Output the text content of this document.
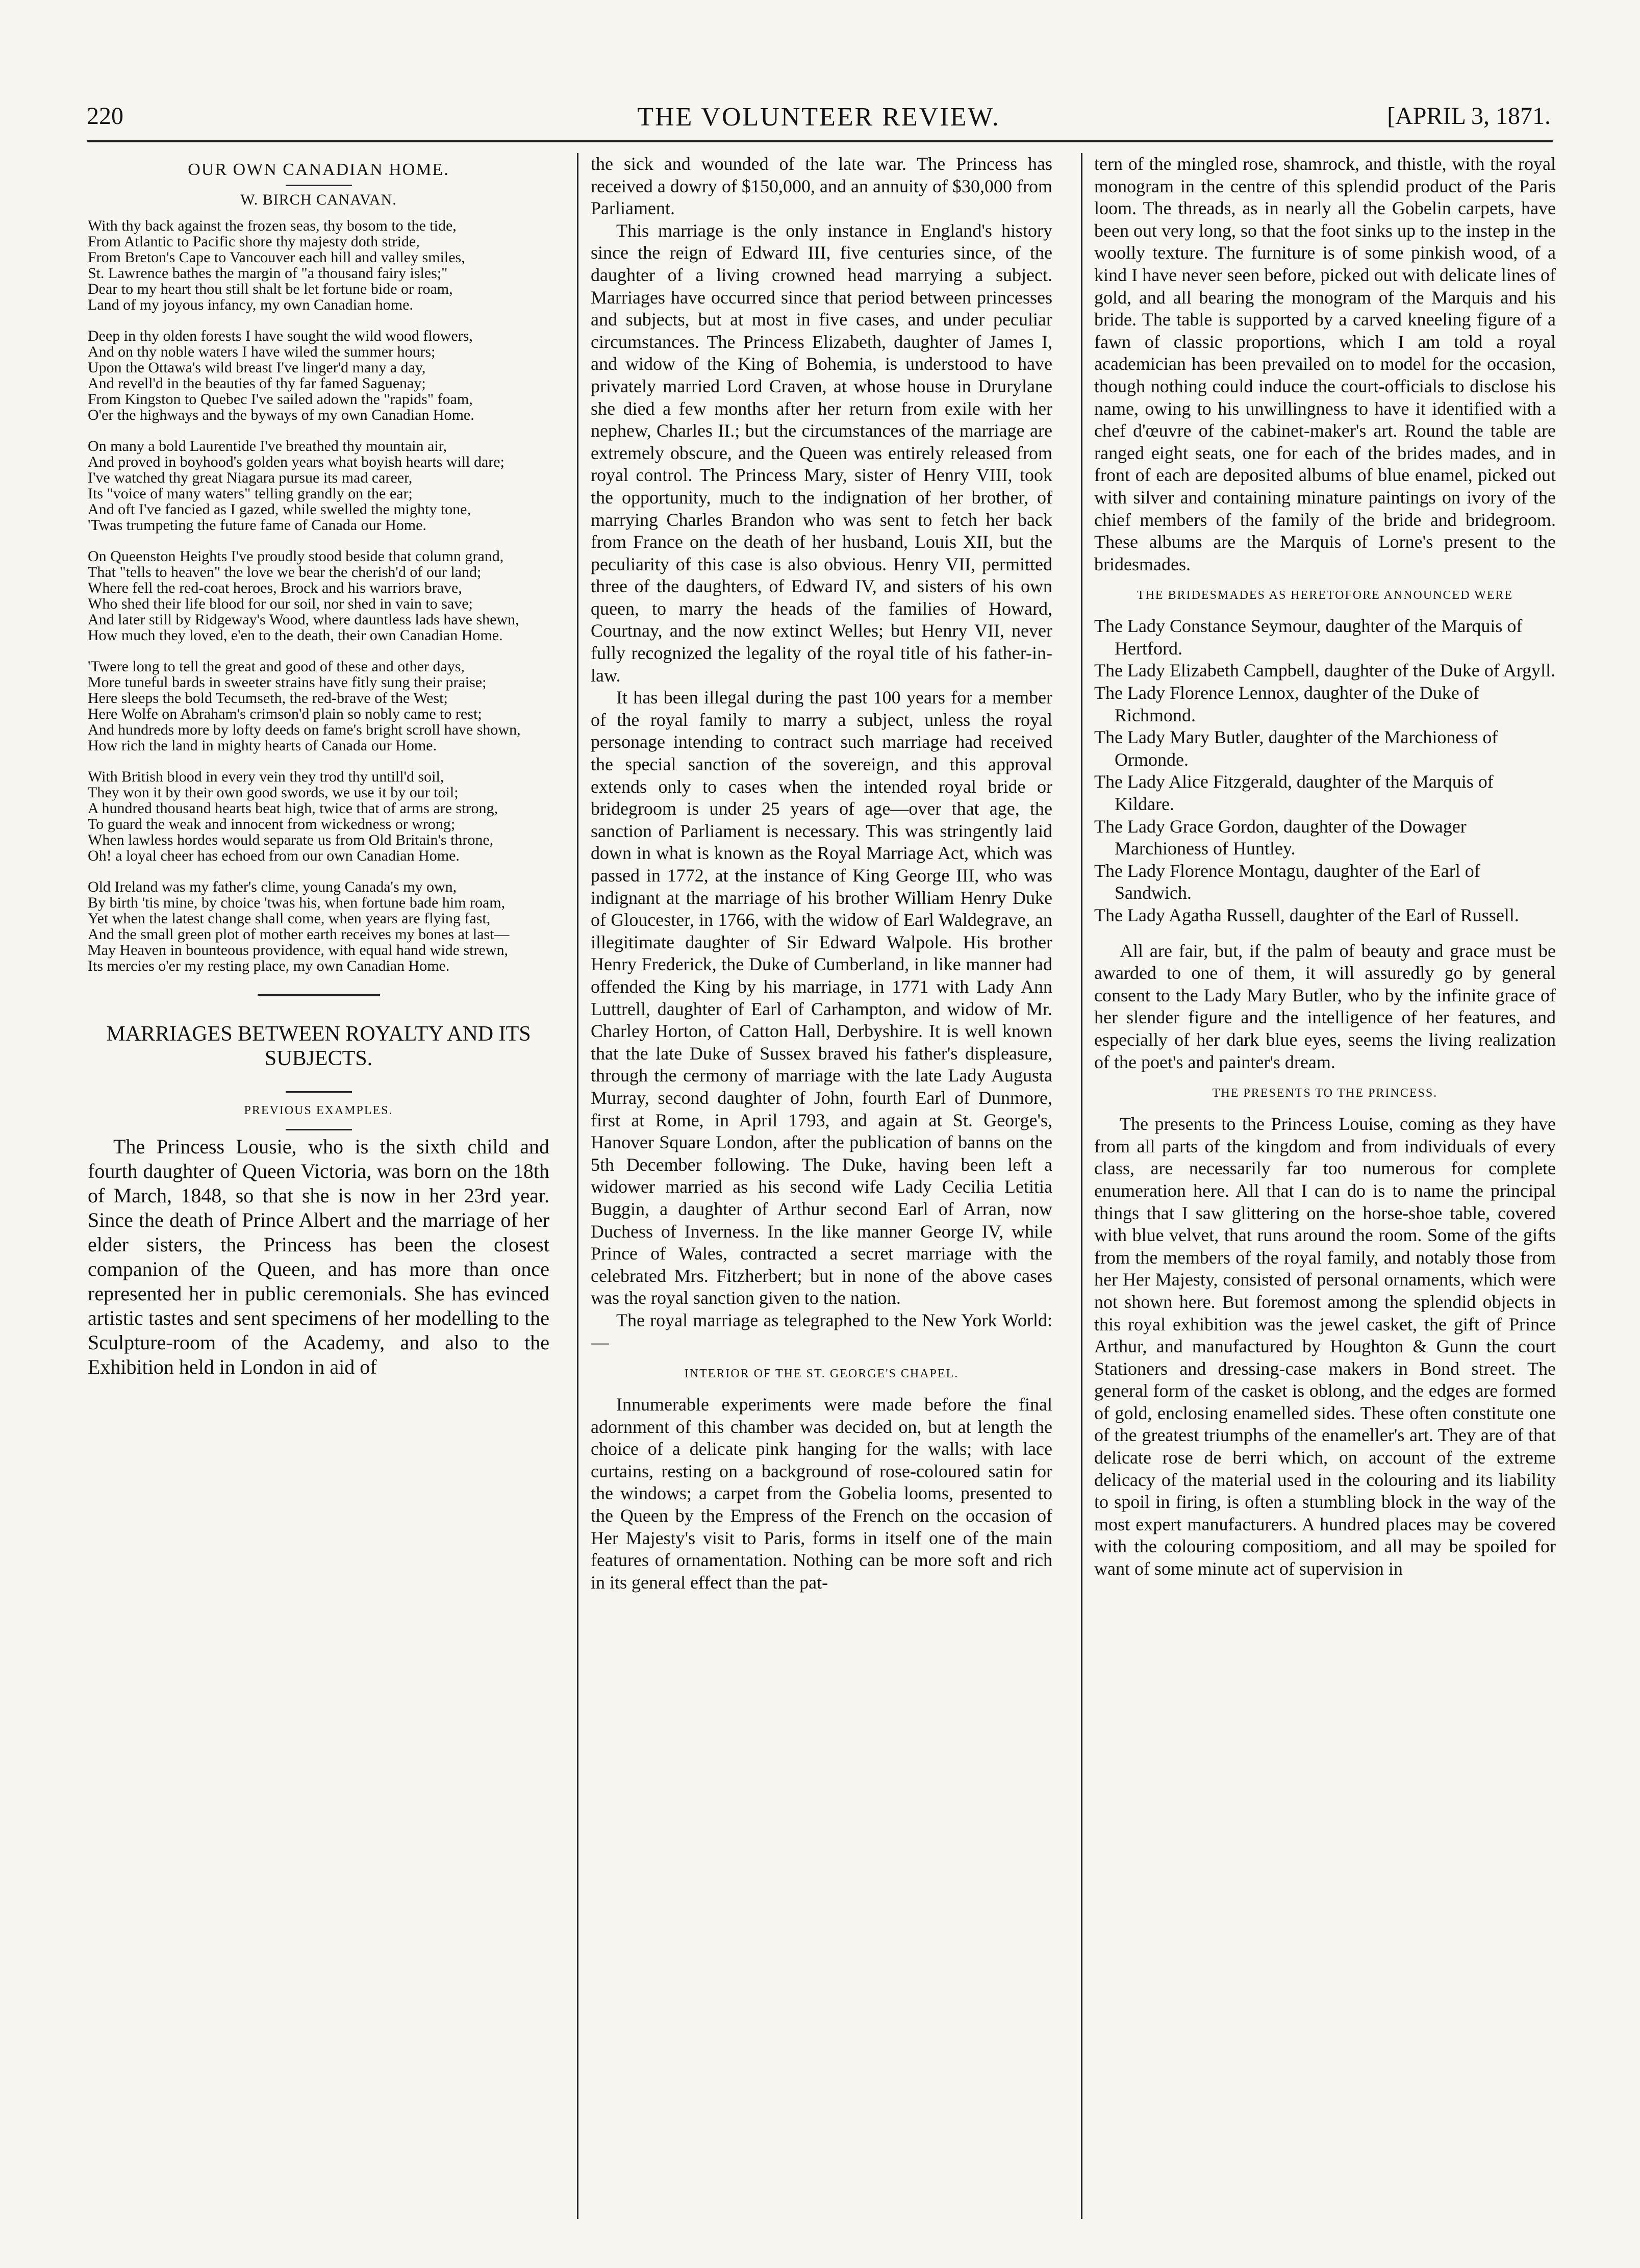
220	THE VOLUNTEER REVIEW.	[APRIL 3, 1871.
OUR OWN CANADIAN HOME.
W. BIRCH CANAVAN.

With thy back against the frozen seas, thy bosom to the tide,

From Atlantic to Pacific shore thy majesty doth stride,

From Breton's Cape to Vancouver each hill and valley smiles,

St. Lawrence bathes the margin of "a thousand fairy isles;"

Dear to my heart thou still shalt be let fortune bide or roam,

Land of my joyous infancy, my own Canadian home.

Deep in thy olden forests I have sought the wild wood flowers,

And on thy noble waters I have wiled the summer hours;

Upon the Ottawa's wild breast I've linger'd many a day,

And revell'd in the beauties of thy far famed Saguenay;

From Kingston to Quebec I've sailed adown the "rapids" foam,

O'er the highways and the byways of my own Canadian Home.

On many a bold Laurentide I've breathed thy mountain air,

And proved in boyhood's golden years what boyish hearts will dare;

I've watched thy great Niagara pursue its mad career,

Its "voice of many waters" telling grandly on the ear;

And oft I've fancied as I gazed, while swelled the mighty tone,

'Twas trumpeting the future fame of Canada our Home.

On Queenston Heights I've proudly stood beside that column grand,

That "tells to heaven" the love we bear the cherish'd of our land;

Where fell the red-coat heroes, Brock and his warriors brave,

Who shed their life blood for our soil, nor shed in vain to save;

And later still by Ridgeway's Wood, where dauntless lads have shewn,

How much they loved, e'en to the death, their own Canadian Home.

'Twere long to tell the great and good of these and other days,

More tuneful bards in sweeter strains have fitly sung their praise;

Here sleeps the bold Tecumseth, the red-brave of the West;

Here Wolfe on Abraham's crimson'd plain so nobly came to rest;

And hundreds more by lofty deeds on fame's bright scroll have shown,

How rich the land in mighty hearts of Canada our Home.

With British blood in every vein they trod thy untill'd soil,

They won it by their own good swords, we use it by our toil;

A hundred thousand hearts beat high, twice that of arms are strong,

To guard the weak and innocent from wickedness or wrong;

When lawless hordes would separate us from Old Britain's throne,

Oh! a loyal cheer has echoed from our own Canadian Home.

Old Ireland was my father's clime, young Canada's my own,

By birth 'tis mine, by choice 'twas his, when fortune bade him roam,

Yet when the latest change shall come, when years are flying fast,

And the small green plot of mother earth receives my bones at last—

May Heaven in bounteous providence, with equal hand wide strewn,

Its mercies o'er my resting place, my own Canadian Home.

MARRIAGES BETWEEN ROYALTY AND ITS SUBJECTS.
PREVIOUS EXAMPLES.

The Princess Lousie, who is the sixth child and fourth daughter of Queen Victoria, was born on the 18th of March, 1848, so that she is now in her 23rd year. Since the death of Prince Albert and the marriage of her elder sisters, the Princess has been the closest companion of the Queen, and has more than once represented her in public ceremonials. She has evinced artistic tastes and sent specimens of her modelling to the Sculpture-room of the Academy, and also to the Exhibition held in London in aid of

the sick and wounded of the late war. The Princess has received a dowry of $150,000, and an annuity of $30,000 from Parliament.

This marriage is the only instance in England's history since the reign of Edward III, five centuries since, of the daughter of a living crowned head marrying a subject. Marriages have occurred since that period between princesses and subjects, but at most in five cases, and under peculiar circumstances. The Princess Elizabeth, daughter of James I, and widow of the King of Bohemia, is understood to have privately married Lord Craven, at whose house in Drurylane she died a few months after her return from exile with her nephew, Charles II.; but the circumstances of the marriage are extremely obscure, and the Queen was entirely released from royal control. The Princess Mary, sister of Henry VIII, took the opportunity, much to the indignation of her brother, of marrying Charles Brandon who was sent to fetch her back from France on the death of her husband, Louis XII, but the peculiarity of this case is also obvious. Henry VII, permitted three of the daughters, of Edward IV, and sisters of his own queen, to marry the heads of the families of Howard, Courtnay, and the now extinct Welles; but Henry VII, never fully recognized the legality of the royal title of his father-in-law.

It has been illegal during the past 100 years for a member of the royal family to marry a subject, unless the royal personage intending to contract such marriage had received the special sanction of the sovereign, and this approval extends only to cases when the intended royal bride or bridegroom is under 25 years of age—over that age, the sanction of Parliament is necessary. This was stringently laid down in what is known as the Royal Marriage Act, which was passed in 1772, at the instance of King George III, who was indignant at the marriage of his brother William Henry Duke of Gloucester, in 1766, with the widow of Earl Waldegrave, an illegitimate daughter of Sir Edward Walpole. His brother Henry Frederick, the Duke of Cumberland, in like manner had offended the King by his marriage, in 1771 with Lady Ann Luttrell, daughter of Earl of Carhampton, and widow of Mr. Charley Horton, of Catton Hall, Derbyshire. It is well known that the late Duke of Sussex braved his father's displeasure, through the cermony of marriage with the late Lady Augusta Murray, second daughter of John, fourth Earl of Dunmore, first at Rome, in April 1793, and again at St. George's, Hanover Square London, after the publication of banns on the 5th December following. The Duke, having been left a widower married as his second wife Lady Cecilia Letitia Buggin, a daughter of Arthur second Earl of Arran, now Duchess of Inverness. In the like manner George IV, while Prince of Wales, contracted a secret marriage with the celebrated Mrs. Fitzherbert; but in none of the above cases was the royal sanction given to the nation.

The royal marriage as telegraphed to the New York World:—

INTERIOR OF THE ST. GEORGE'S CHAPEL.

Innumerable experiments were made before the final adornment of this chamber was decided on, but at length the choice of a delicate pink hanging for the walls; with lace curtains, resting on a background of rose-coloured satin for the windows; a carpet from the Gobelia looms, presented to the Queen by the Empress of the French on the occasion of Her Majesty's visit to Paris, forms in itself one of the main features of ornamentation. Nothing can be more soft and rich in its general effect than the pat-

tern of the mingled rose, shamrock, and thistle, with the royal monogram in the centre of this splendid product of the Paris loom. The threads, as in nearly all the Gobelin carpets, have been out very long, so that the foot sinks up to the instep in the woolly texture. The furniture is of some pinkish wood, of a kind I have never seen before, picked out with delicate lines of gold, and all bearing the monogram of the Marquis and his bride. The table is supported by a carved kneeling figure of a fawn of classic proportions, which I am told a royal academician has been prevailed on to model for the occasion, though nothing could induce the court-officials to disclose his name, owing to his unwillingness to have it identified with a chef d'œuvre of the cabinet-maker's art. Round the table are ranged eight seats, one for each of the brides mades, and in front of each are deposited albums of blue enamel, picked out with silver and containing minature paintings on ivory of the chief members of the family of the bride and bridegroom. These albums are the Marquis of Lorne's present to the bridesmades.

THE BRIDESMADES AS HERETOFORE ANNOUNCED WERE

The Lady Constance Seymour, daughter of the Marquis of Hertford.

The Lady Elizabeth Campbell, daughter of the Duke of Argyll.

The Lady Florence Lennox, daughter of the Duke of Richmond.

The Lady Mary Butler, daughter of the Marchioness of Ormonde.

The Lady Alice Fitzgerald, daughter of the Marquis of Kildare.

The Lady Grace Gordon, daughter of the Dowager Marchioness of Huntley.

The Lady Florence Montagu, daughter of the Earl of Sandwich.

The Lady Agatha Russell, daughter of the Earl of Russell.

All are fair, but, if the palm of beauty and grace must be awarded to one of them, it will assuredly go by general consent to the Lady Mary Butler, who by the infinite grace of her slender figure and the intelligence of her features, and especially of her dark blue eyes, seems the living realization of the poet's and painter's dream.

THE PRESENTS TO THE PRINCESS.

The presents to the Princess Louise, coming as they have from all parts of the kingdom and from individuals of every class, are necessarily far too numerous for complete enumeration here. All that I can do is to name the principal things that I saw glittering on the horse-shoe table, covered with blue velvet, that runs around the room. Some of the gifts from the members of the royal family, and notably those from her Her Majesty, consisted of personal ornaments, which were not shown here. But foremost among the splendid objects in this royal exhibition was the jewel casket, the gift of Prince Arthur, and manufactured by Houghton & Gunn the court Stationers and dressing-case makers in Bond street. The general form of the casket is oblong, and the edges are formed of gold, enclosing enamelled sides. These often constitute one of the greatest triumphs of the enameller's art. They are of that delicate rose de berri which, on account of the extreme delicacy of the material used in the colouring and its liability to spoil in firing, is often a stumbling block in the way of the most expert manufacturers. A hundred places may be covered with the colouring compositiom, and all may be spoiled for want of some minute act of supervision in
